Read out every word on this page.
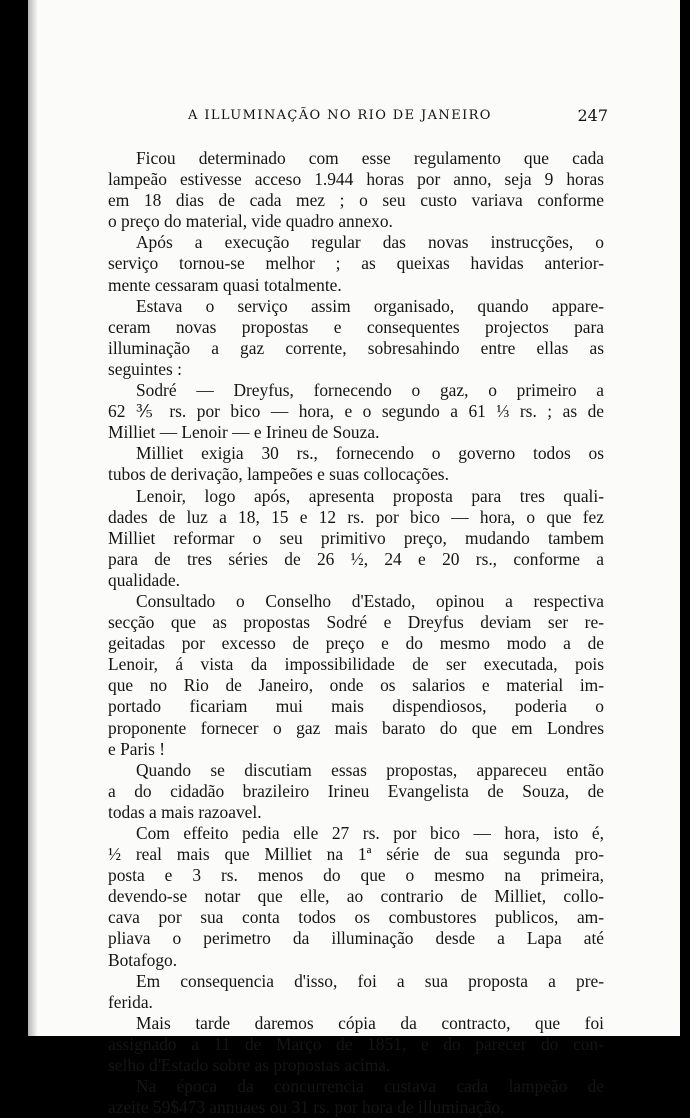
A ILLUMINAÇÃO NO RIO DE JANEIRO	247

Ficou determinado com esse regulamento que cada
lampeão estivesse acceso 1.944 horas por anno, seja 9 horas
em 18 dias de cada mez ; o seu custo variava conforme
o preço do material, vide quadro annexo.

Após a execução regular das novas instrucções, o
serviço tornou-se melhor ; as queixas havidas anterior-
mente cessaram quasi totalmente.

Estava o serviço assim organisado, quando appare-
ceram novas propostas e consequentes projectos para
illuminação a gaz corrente, sobresahindo entre ellas as
seguintes :

Sodré — Dreyfus, fornecendo o gaz, o primeiro a
62 ⅗ rs. por bico — hora, e o segundo a 61 ⅓ rs. ; as de
Milliet — Lenoir — e Irineu de Souza.

Milliet exigia 30 rs., fornecendo o governo todos os
tubos de derivação, lampeões e suas collocações.

Lenoir, logo após, apresenta proposta para tres quali-
dades de luz a 18, 15 e 12 rs. por bico — hora, o que fez
Milliet reformar o seu primitivo preço, mudando tambem
para de tres séries de 26 ½, 24 e 20 rs., conforme a
qualidade.

Consultado o Conselho d'Estado, opinou a respectiva
secção que as propostas Sodré e Dreyfus deviam ser re-
geitadas por excesso de preço e do mesmo modo a de
Lenoir, á vista da impossibilidade de ser executada, pois
que no Rio de Janeiro, onde os salarios e material im-
portado ficariam mui mais dispendiosos, poderia o
proponente fornecer o gaz mais barato do que em Londres
e Paris !

Quando se discutiam essas propostas, appareceu então
a do cidadão brazileiro Irineu Evangelista de Souza, de
todas a mais razoavel.

Com effeito pedia elle 27 rs. por bico — hora, isto é,
½ real mais que Milliet na 1ª série de sua segunda pro-
posta e 3 rs. menos do que o mesmo na primeira,
devendo-se notar que elle, ao contrario de Milliet, collo-
cava por sua conta todos os combustores publicos, am-
pliava o perimetro da illuminação desde a Lapa até
Botafogo.

Em consequencia d'isso, foi a sua proposta a pre-
ferida.

Mais tarde daremos cópia da contracto, que foi
assignado a 11 de Março de 1851, e do parecer do con-
selho d'Estado sobre as propostas acima.

Na época da concurrencia custava cada lampeão de
azeite 59$473 annuaes ou 31 rs. por hora de illuminação,
